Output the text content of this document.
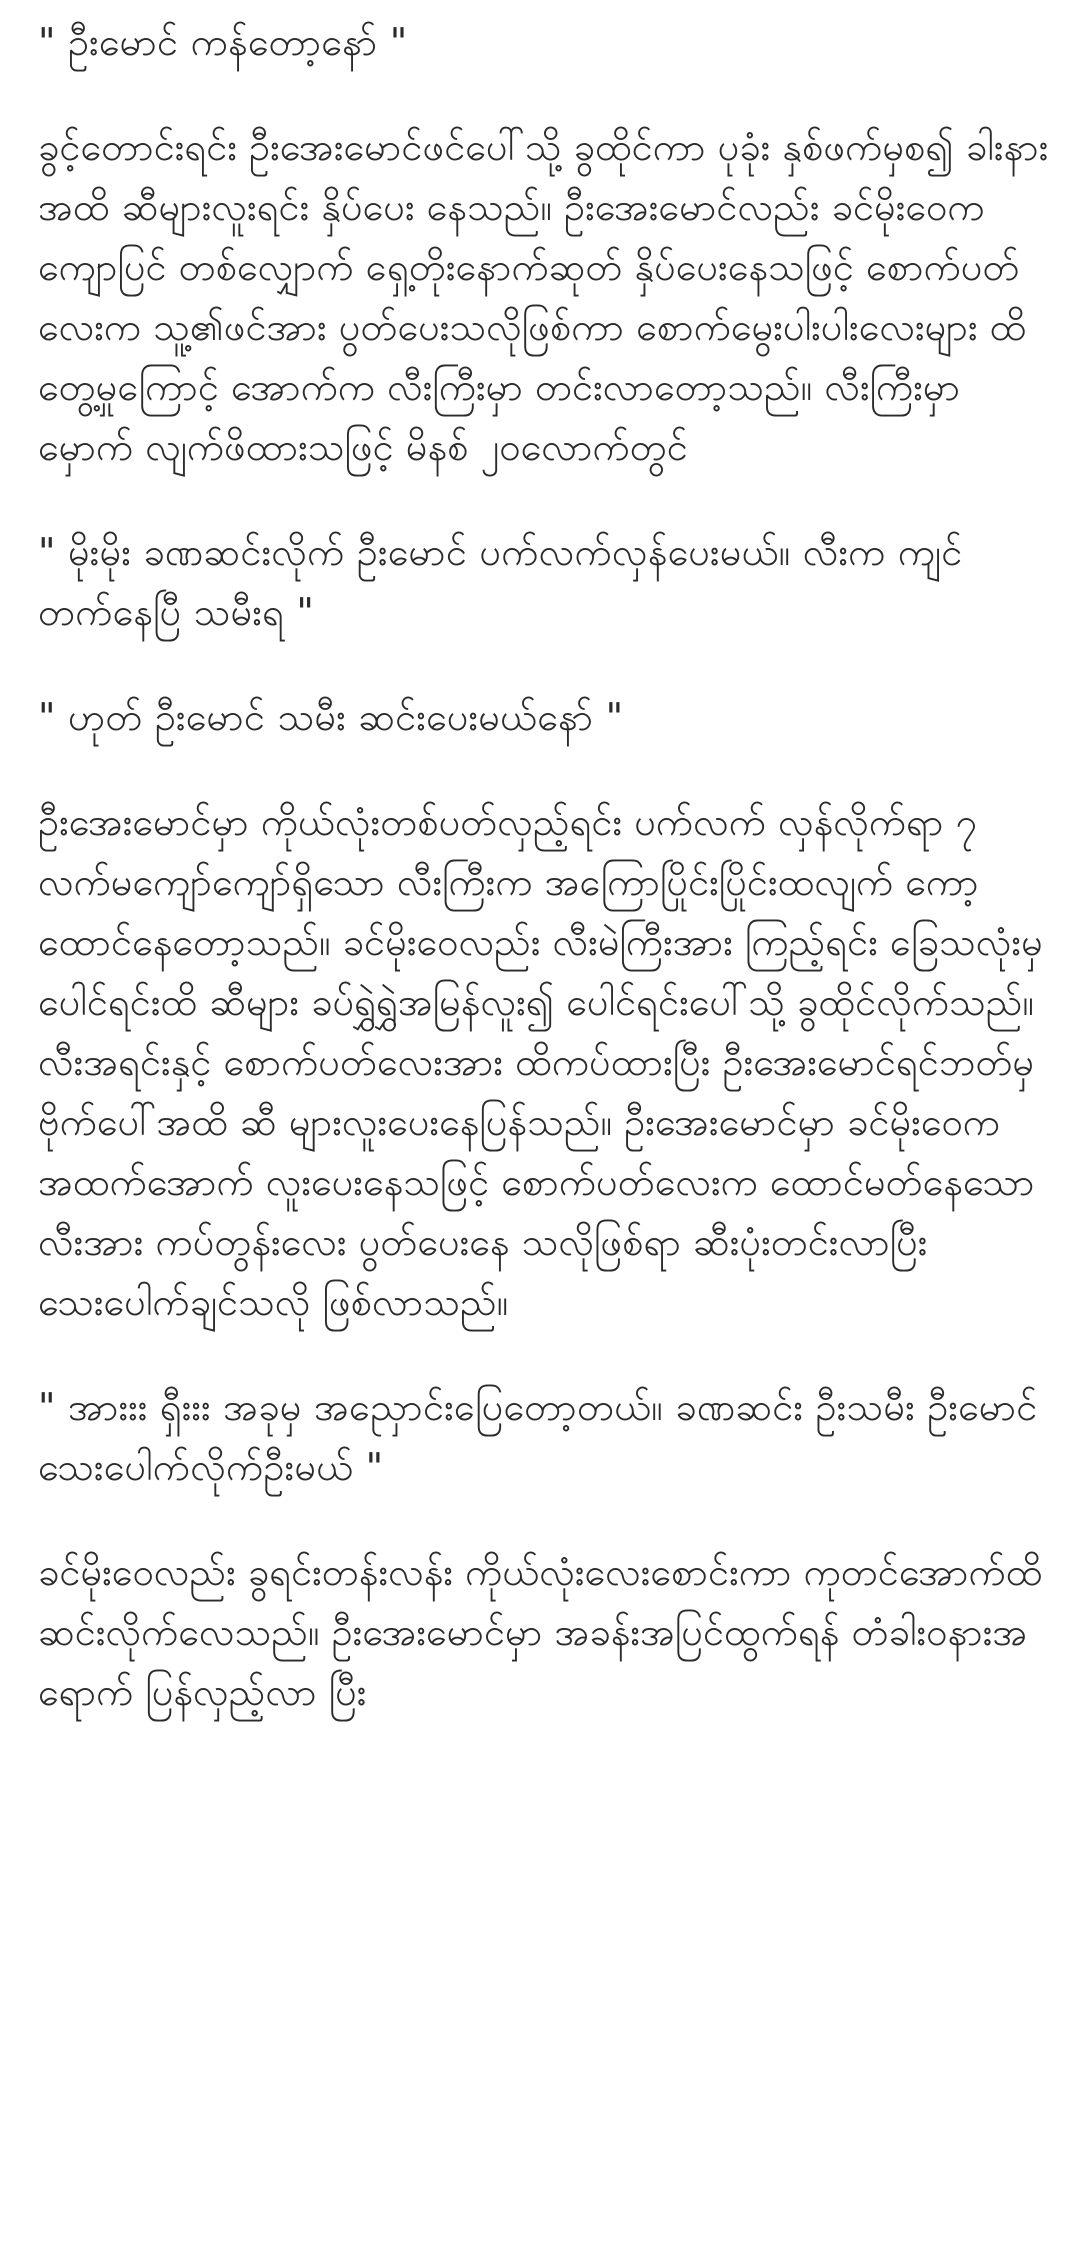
" ဦးမောင် ကန်တော့နော် "

ခွင့်တောင်းရင်း ဦးအေးမောင်ဖင်ပေါ်သို့ ခွထိုင်ကာ ပုခုံး နှစ်ဖက်မှစ၍ ခါးနားအထိ ဆီများလူးရင်း နှိပ်ပေး နေသည်။ ဦးအေးမောင်လည်း ခင်မိုးဝေက ကျောပြင် တစ်လျှောက် ရှေ့တိုးနောက်ဆုတ် နှိပ်ပေးနေသဖြင့် စောက်ပတ်လေးက သူ့၏ဖင်အား ပွတ်ပေးသလိုဖြစ်ကာ စောက်မွေးပါးပါးလေးများ ထိတွေ့မှုကြောင့် အောက်က လီးကြီးမှာ တင်းလာတော့သည်။ လီးကြီးမှာ မှောက် လျက်ဖိထားသဖြင့် မိနစ် ၂၀လောက်တွင်

" မိုးမိုး ခဏဆင်းလိုက် ဦးမောင် ပက်လက်လှန်ပေးမယ်။ လီးက ကျင်တက်နေပြီ သမီးရ "

" ဟုတ် ဦးမောင် သမီး ဆင်းပေးမယ်နော် "

ဦးအေးမောင်မှာ ကိုယ်လုံးတစ်ပတ်လှည့်ရင်း ပက်လက် လှန်လိုက်ရာ ၇ လက်မကျော်ကျော်ရှိသော လီးကြီးက အကြောပြိုင်းပြိုင်းထလျက် ကော့ထောင်နေတော့သည်။ ခင်မိုးဝေလည်း လီးမဲကြီးအား ကြည့်ရင်း ခြေသလုံးမှ ပေါင်ရင်းထိ ဆီများ ခပ်ရွှဲရွှဲအမြန်လူး၍ ပေါင်ရင်းပေါ်သို့ ခွထိုင်လိုက်သည်။ လီးအရင်းနှင့် စောက်ပတ်လေးအား ထိကပ်ထားပြီး ဦးအေးမောင်ရင်ဘတ်မှ ဗိုက်ပေါ်အထိ ဆီ များလူးပေးနေပြန်သည်။ ဦးအေးမောင်မှာ ခင်မိုးဝေက အထက်အောက် လူးပေးနေသဖြင့် စောက်ပတ်လေးက ထောင်မတ်နေသောလီးအား ကပ်တွန်းလေး ပွတ်ပေးနေ သလိုဖြစ်ရာ ဆီးပုံးတင်းလာပြီး သေးပေါက်ချင်သလို ဖြစ်လာသည်။

" အားးး ရှီးးး အခုမှ အညှောင်းပြေတော့တယ်။ ခဏဆင်း ဦးသမီး ဦးမောင် သေးပေါက်လိုက်ဦးမယ် "

ခင်မိုးဝေလည်း ခွရင်းတန်းလန်း ကိုယ်လုံးလေးစောင်းကာ ကုတင်အောက်ထိ ဆင်းလိုက်လေသည်။ ဦးအေးမောင်မှာ အခန်းအပြင်ထွက်ရန် တံခါးဝနားအရောက် ပြန်လှည့်လာ ပြီး
